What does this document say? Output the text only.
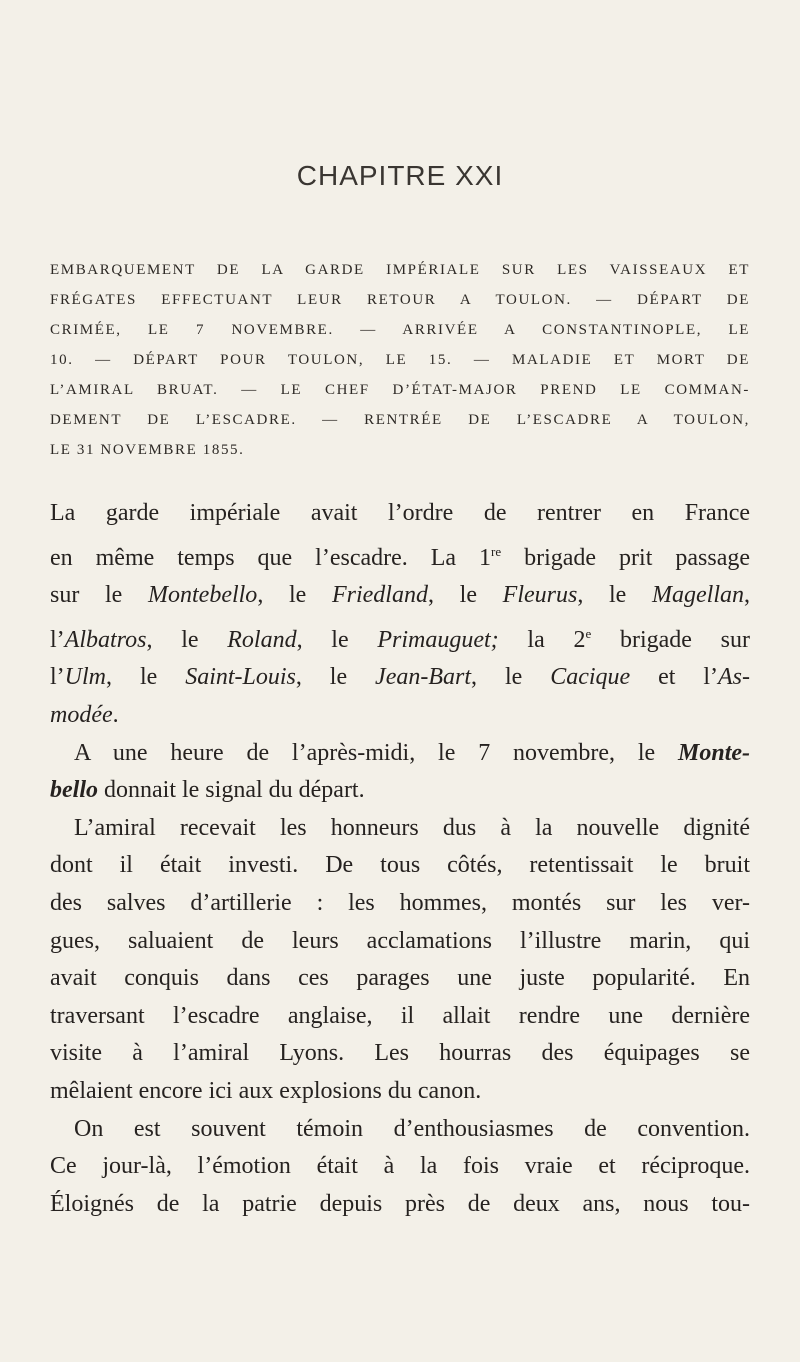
CHAPITRE XXI
EMBARQUEMENT DE LA GARDE IMPÉRIALE SUR LES VAISSEAUX ET
FRÉGATES EFFECTUANT LEUR RETOUR A TOULON. — DÉPART DE
CRIMÉE, LE 7 NOVEMBRE. — ARRIVÉE A CONSTANTINOPLE, LE
10. — DÉPART POUR TOULON, LE 15. — MALADIE ET MORT DE
L’AMIRAL BRUAT. — LE CHEF D’ÉTAT-MAJOR PREND LE COMMAN-
DEMENT DE L’ESCADRE. — RENTRÉE DE L’ESCADRE A TOULON,
LE 31 NOVEMBRE 1855.
La garde impériale avait l’ordre de rentrer en France
en même temps que l’escadre. La 1re brigade prit passage
sur le Montebello, le Friedland, le Fleurus, le Magellan,
l’Albatros, le Roland, le Primauguet; la 2e brigade sur
l’Ulm, le Saint-Louis, le Jean-Bart, le Cacique et l’As-
modée.
A une heure de l’après-midi, le 7 novembre, le Monte-
bello donnait le signal du départ.
L’amiral recevait les honneurs dus à la nouvelle dignité
dont il était investi. De tous côtés, retentissait le bruit
des salves d’artillerie : les hommes, montés sur les ver-
gues, saluaient de leurs acclamations l’illustre marin, qui
avait conquis dans ces parages une juste popularité. En
traversant l’escadre anglaise, il allait rendre une dernière
visite à l’amiral Lyons. Les hourras des équipages se
mêlaient encore ici aux explosions du canon.
On est souvent témoin d’enthousiasmes de convention.
Ce jour-là, l’émotion était à la fois vraie et réciproque.
Éloignés de la patrie depuis près de deux ans, nous tou-
